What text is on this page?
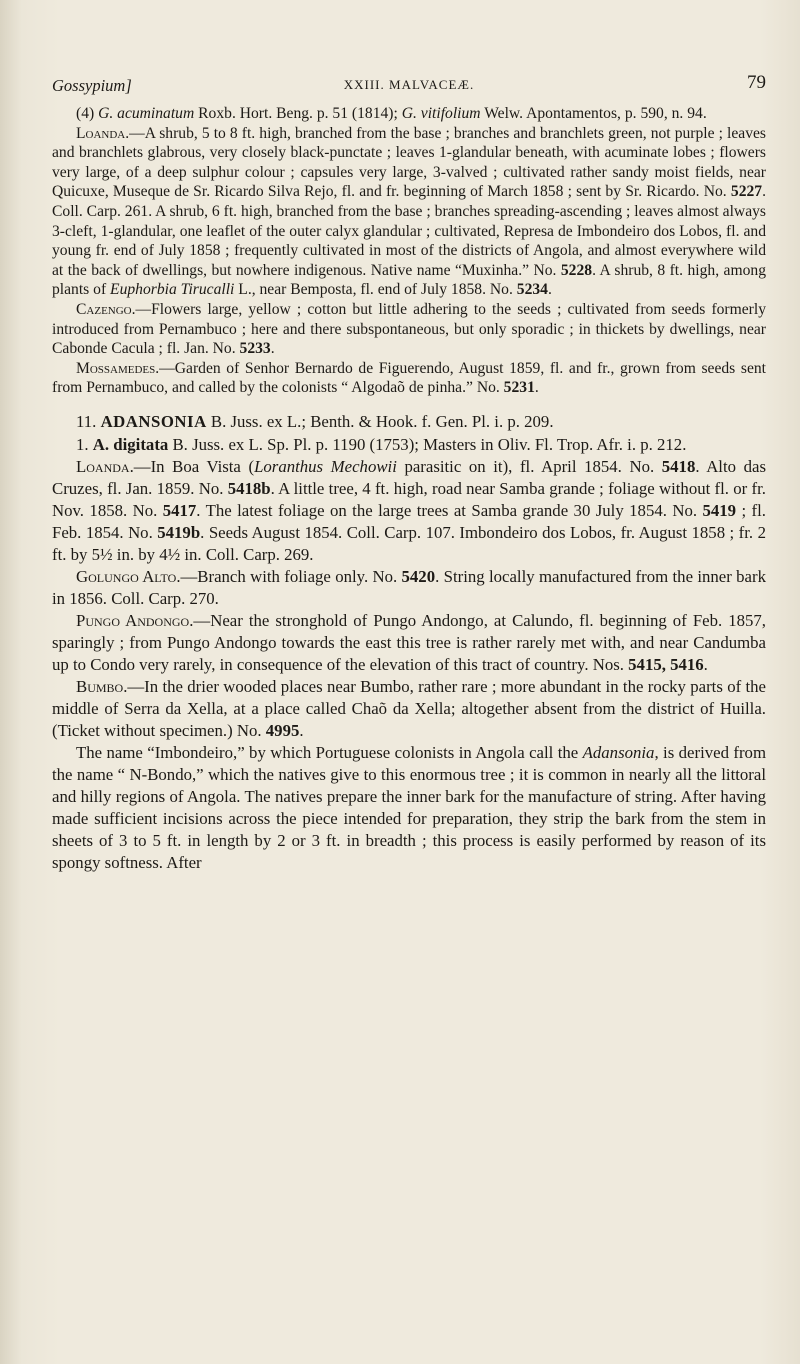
Gossypium]	XXIII. MALVACEÆ.	79

(4) G. acuminatum Roxb. Hort. Beng. p. 51 (1814); G. vitifolium Welw. Apontamentos, p. 590, n. 94.

Loanda.—A shrub, 5 to 8 ft. high, branched from the base ; branches and branchlets green, not purple ; leaves and branchlets glabrous, very closely black-punctate ; leaves 1-glandular beneath, with acuminate lobes ; flowers very large, of a deep sulphur colour ; capsules very large, 3-valved ; cultivated rather sandy moist fields, near Quicuxe, Museque de Sr. Ricardo Silva Rejo, fl. and fr. beginning of March 1858 ; sent by Sr. Ricardo. No. 5227. Coll. Carp. 261. A shrub, 6 ft. high, branched from the base ; branches spreading-ascending ; leaves almost always 3-cleft, 1-glandular, one leaflet of the outer calyx glandular ; cultivated, Represa de Imbondeiro dos Lobos, fl. and young fr. end of July 1858 ; frequently cultivated in most of the districts of Angola, and almost everywhere wild at the back of dwellings, but nowhere indigenous. Native name “Muxinha.” No. 5228. A shrub, 8 ft. high, among plants of Euphorbia Tirucalli L., near Bemposta, fl. end of July 1858. No. 5234.

Cazengo.—Flowers large, yellow ; cotton but little adhering to the seeds ; cultivated from seeds formerly introduced from Pernambuco ; here and there subspontaneous, but only sporadic ; in thickets by dwellings, near Cabonde Cacula ; fl. Jan. No. 5233.

Mossamedes.—Garden of Senhor Bernardo de Figuerendo, August 1859, fl. and fr., grown from seeds sent from Pernambuco, and called by the colonists “ Algodaõ de pinha.” No. 5231.

11. ADANSONIA B. Juss. ex L.; Benth. & Hook. f. Gen. Pl. i. p. 209.

1. A. digitata B. Juss. ex L. Sp. Pl. p. 1190 (1753); Masters in Oliv. Fl. Trop. Afr. i. p. 212.

Loanda.—In Boa Vista (Loranthus Mechowii parasitic on it), fl. April 1854. No. 5418. Alto das Cruzes, fl. Jan. 1859. No. 5418b. A little tree, 4 ft. high, road near Samba grande ; foliage without fl. or fr. Nov. 1858. No. 5417. The latest foliage on the large trees at Samba grande 30 July 1854. No. 5419 ; fl. Feb. 1854. No. 5419b. Seeds August 1854. Coll. Carp. 107. Imbondeiro dos Lobos, fr. August 1858 ; fr. 2 ft. by 5½ in. by 4½ in. Coll. Carp. 269.

Golungo Alto.—Branch with foliage only. No. 5420. String locally manufactured from the inner bark in 1856. Coll. Carp. 270.

Pungo Andongo.—Near the stronghold of Pungo Andongo, at Calundo, fl. beginning of Feb. 1857, sparingly ; from Pungo Andongo towards the east this tree is rather rarely met with, and near Candumba up to Condo very rarely, in consequence of the elevation of this tract of country. Nos. 5415, 5416.

Bumbo.—In the drier wooded places near Bumbo, rather rare ; more abundant in the rocky parts of the middle of Serra da Xella, at a place called Chaõ da Xella; altogether absent from the district of Huilla. (Ticket without specimen.) No. 4995.

The name “Imbondeiro,” by which Portuguese colonists in Angola call the Adansonia, is derived from the name “ N-Bondo,” which the natives give to this enormous tree ; it is common in nearly all the littoral and hilly regions of Angola. The natives prepare the inner bark for the manufacture of string. After having made sufficient incisions across the piece intended for preparation, they strip the bark from the stem in sheets of 3 to 5 ft. in length by 2 or 3 ft. in breadth ; this process is easily performed by reason of its spongy softness. After
